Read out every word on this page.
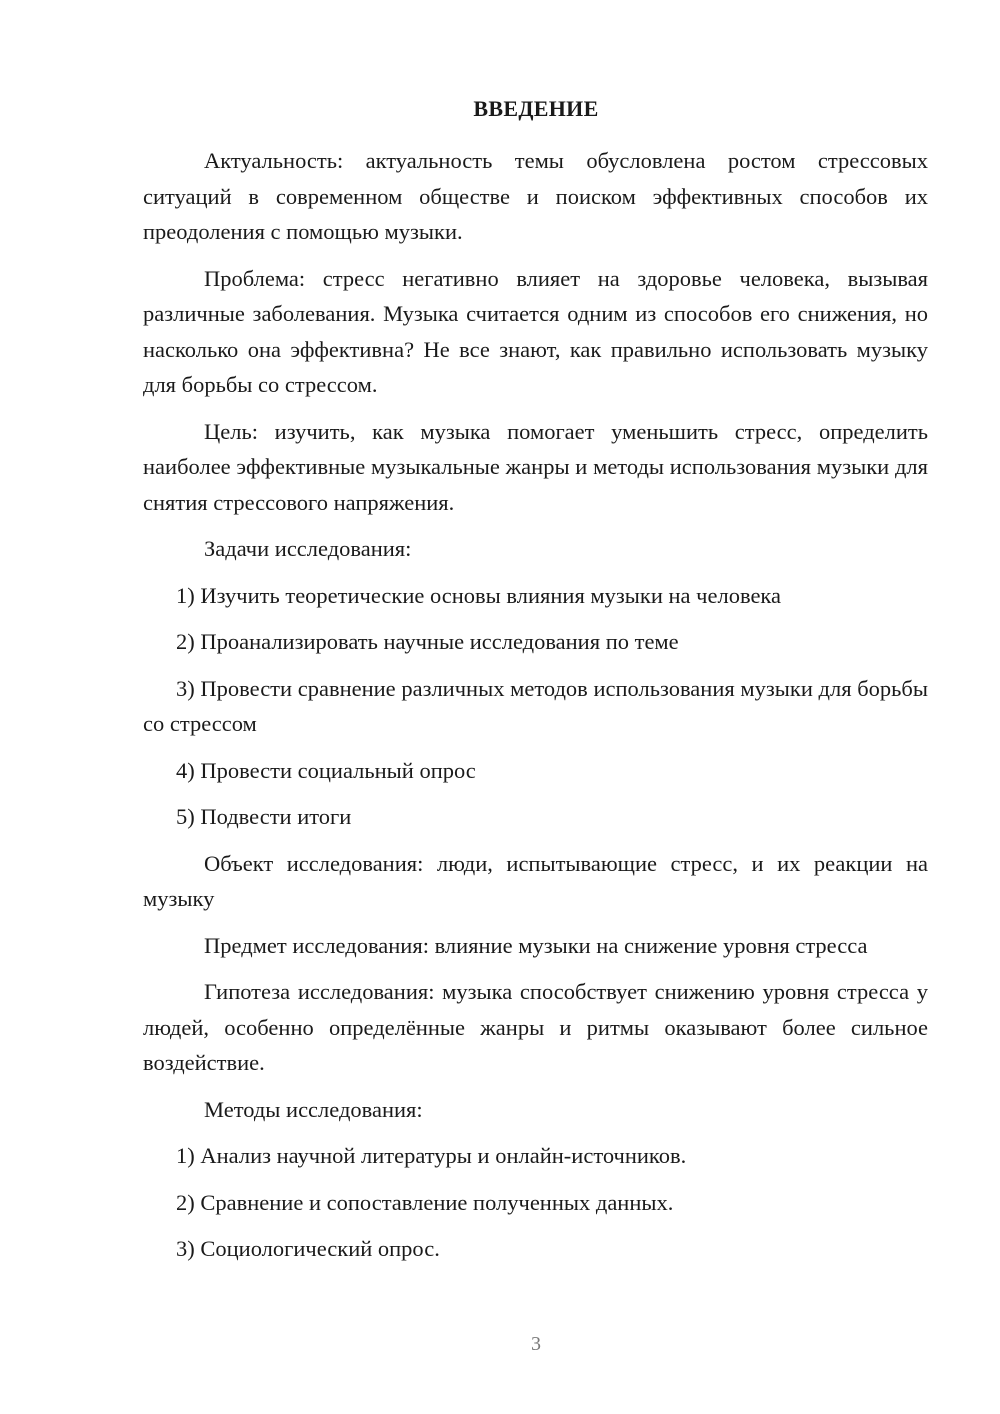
ВВЕДЕНИЕ

Актуальность: актуальность темы обусловлена ростом стрессовых ситуаций в современном обществе и поиском эффективных способов их преодоления с помощью музыки.

Проблема: стресс негативно влияет на здоровье человека, вызывая различные заболевания. Музыка считается одним из способов его снижения, но насколько она эффективна? Не все знают, как правильно использовать музыку для борьбы со стрессом.

Цель: изучить, как музыка помогает уменьшить стресс, определить наиболее эффективные музыкальные жанры и методы использования музыки для снятия стрессового напряжения.

Задачи исследования:

1) Изучить теоретические основы влияния музыки на человека

2) Проанализировать научные исследования по теме

3) Провести сравнение различных методов использования музыки для борьбы со стрессом

4) Провести социальный опрос

5) Подвести итоги

Объект исследования: люди, испытывающие стресс, и их реакции на музыку

Предмет исследования: влияние музыки на снижение уровня стресса

Гипотеза исследования: музыка способствует снижению уровня стресса у людей, особенно определённые жанры и ритмы оказывают более сильное воздействие.

Методы исследования:

1) Анализ научной литературы и онлайн-источников.

2) Сравнение и сопоставление полученных данных.

3) Социологический опрос.

3
